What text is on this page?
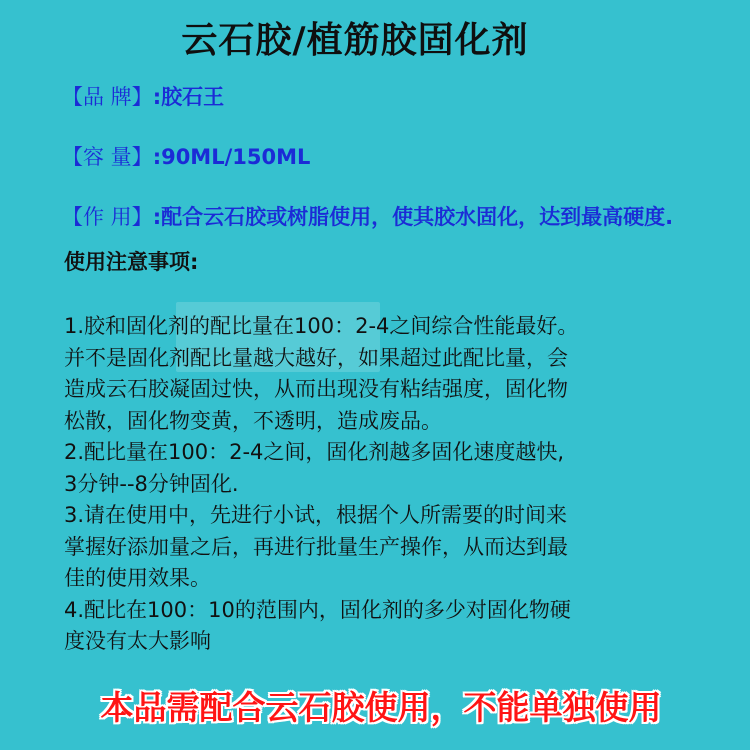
云石胶/植筋胶固化剂
【品 牌】:胶石王
【容 量】:90ML/150ML
【作 用】:配合云石胶或树脂使用，使其胶水固化，达到最高硬度.
使用注意事项:
1.胶和固化剂的配比量在100：2-4之间综合性能最好。
并不是固化剂配比量越大越好，如果超过此配比量，会
造成云石胶凝固过快，从而出现没有粘结强度，固化物
松散，固化物变黄，不透明，造成废品。
2.配比量在100：2-4之间，固化剂越多固化速度越快,
3分钟--8分钟固化.
3.请在使用中，先进行小试，根据个人所需要的时间来
掌握好添加量之后，再进行批量生产操作，从而达到最
佳的使用效果。
4.配比在100：10的范围内，固化剂的多少对固化物硬
度没有太大影响
本品需配合云石胶使用，不能单独使用
